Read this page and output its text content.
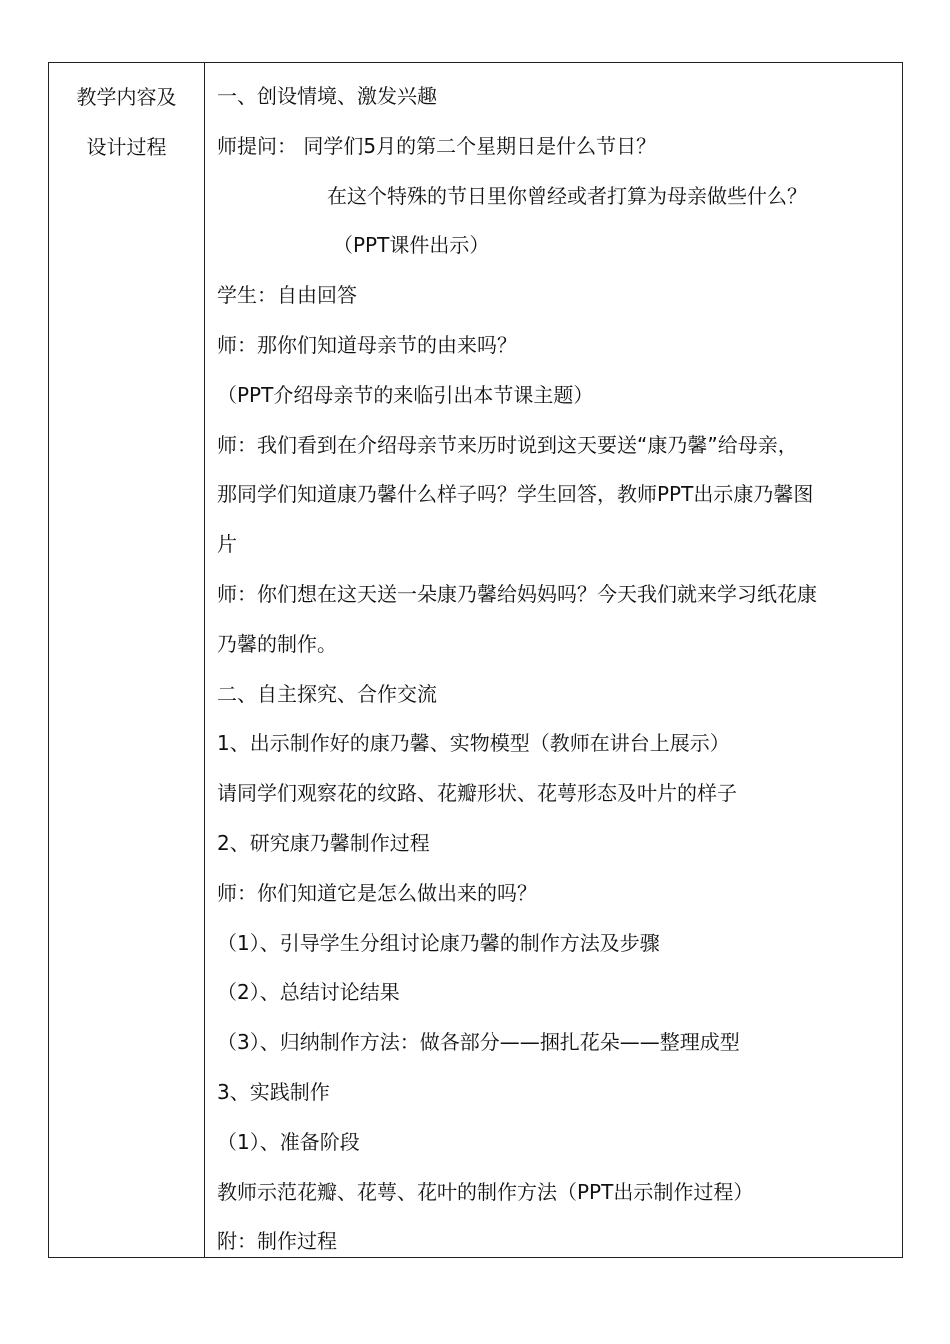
教学内容及
设计过程
一、创设情境、激发兴趣
师提问： 同学们5月的第二个星期日是什么节日？
在这个特殊的节日里你曾经或者打算为母亲做些什么？
（PPT课件出示）
学生：自由回答
师：那你们知道母亲节的由来吗？
（PPT介绍母亲节的来临引出本节课主题）
师：我们看到在介绍母亲节来历时说到这天要送“康乃馨”给母亲，
那同学们知道康乃馨什么样子吗？学生回答，教师PPT出示康乃馨图
片
师：你们想在这天送一朵康乃馨给妈妈吗？今天我们就来学习纸花康
乃馨的制作。
二、自主探究、合作交流
1、出示制作好的康乃馨、实物模型（教师在讲台上展示）
请同学们观察花的纹路、花瓣形状、花萼形态及叶片的样子
2、研究康乃馨制作过程
师：你们知道它是怎么做出来的吗？
（1）、引导学生分组讨论康乃馨的制作方法及步骤
（2）、总结讨论结果
（3）、归纳制作方法：做各部分——捆扎花朵——整理成型
3、实践制作
（1）、准备阶段
教师示范花瓣、花萼、花叶的制作方法（PPT出示制作过程）
附：制作过程
